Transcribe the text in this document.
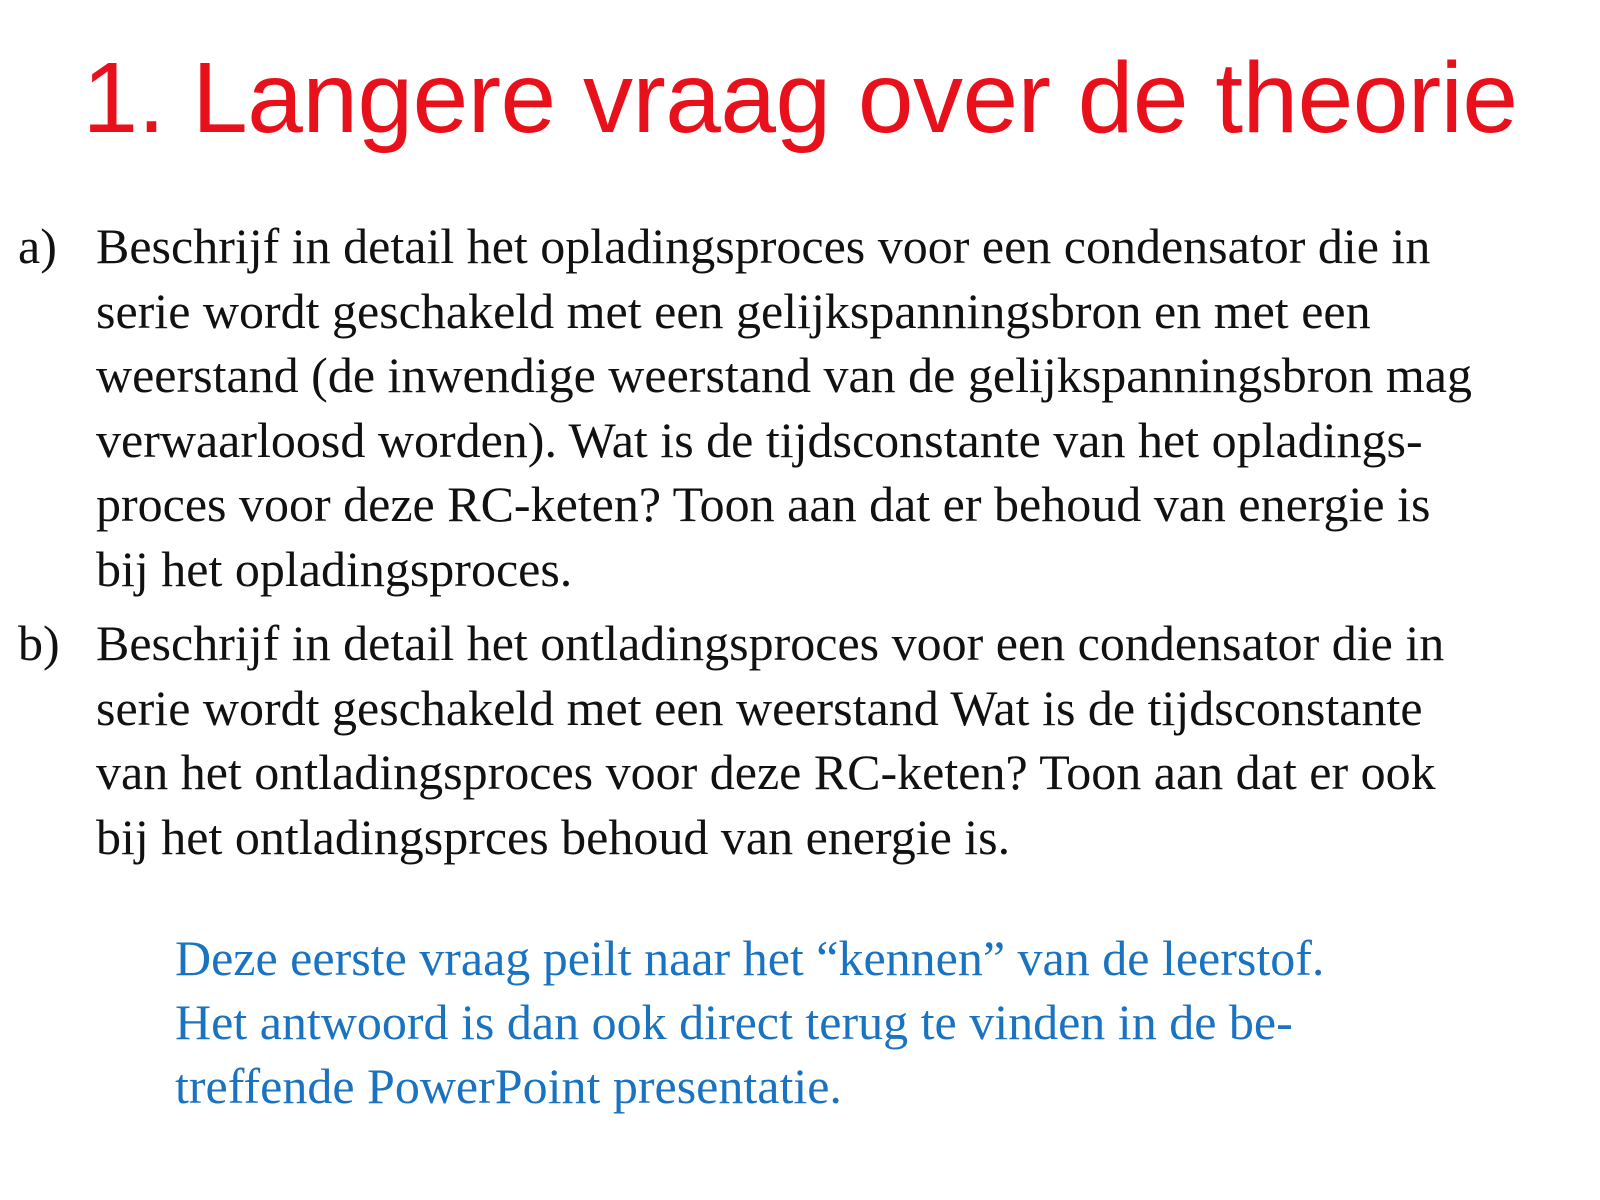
1. Langere vraag over de theorie
a) Beschrijf in detail het opladingsproces voor een condensator die in
serie wordt geschakeld met een gelijkspanningsbron en met een
weerstand (de inwendige weerstand van de gelijkspanningsbron mag
verwaarloosd worden). Wat is de tijdsconstante van het opladings-
proces voor deze RC-keten? Toon aan dat er behoud van energie is
bij het opladingsproces.
b) Beschrijf in detail het ontladingsproces voor een condensator die in
serie wordt geschakeld met een weerstand Wat is de tijdsconstante
van het ontladingsproces voor deze RC-keten? Toon aan dat er ook
bij het ontladingsprces behoud van energie is.
Deze eerste vraag peilt naar het “kennen” van de leerstof.
Het antwoord is dan ook direct terug te vinden in de be-
treffende PowerPoint presentatie.
